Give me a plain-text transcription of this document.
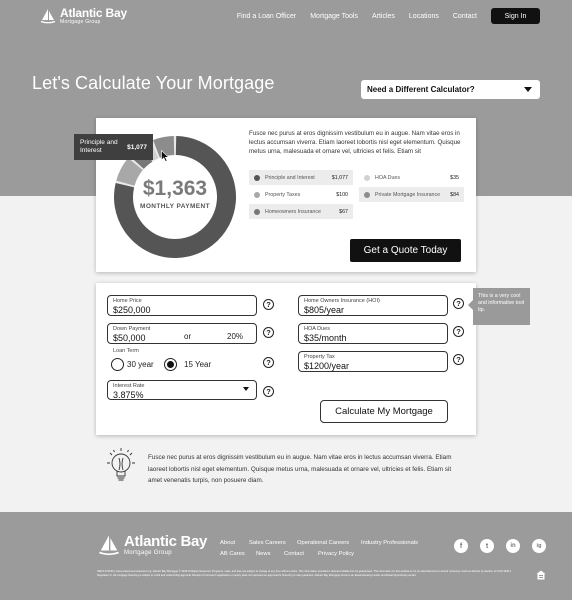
Atlantic Bay
Mortgage Group
Find a Loan Officer Mortgage Tools Articles Locations Contact	Sign In
Let's Calculate Your Mortgage	Need a Different Calculator?
$1,363
MONTHLY PAYMENT
Principle and Interest	$1,077

Fusce nec purus at eros dignissim vestibulum eu in augue. Nam vitae eros in lectus accumsan viverra. Etiam laoreet lobortis nisl eget elementum. Quisque metus urna, malesuada et ornare vel, ultricies et felis. Etiam sit

Principle and Interest	$1,077
Property Taxes	$100
Homeowners Insurance	$67
HOA Dues	$35
Private Mortgage Insurance	$84
Get a Quote Today
Home Price
$250,000
?
Down Payment
$50,000	or	20%	?
Loan Term
30 year	15 Year	?
Interest Rate
3.875%	?
Home Owners Insurance (HOI)
$805/year
?
This is a very cool and informative tool tip.
HOA Dues
$35/month
?
Property Tax
$1200/year
?
Calculate My Mortgage

Fusce nec purus at eros dignissim vestibulum eu in augue. Nam vitae eros in lectus accumsan viverra. Etiam laoreet lobortis nisl eget elementum. Quisque metus urna, malesuada et ornare vel, ultricies et felis. Etiam sit amet venenatis turpis, non posuere diam.

Atlantic Bay
Mortgage Group
About Sales Careers Operational Careers Industry Professionals
AB Cares News Contact Privacy Policy
f	t	in	ig

NMLS #72043 | www.nmlsconsumeraccess.org. Atlantic Bay Mortgage © 2018 All Rights Reserved. Programs, rates, and fees are subject to change at any time without notice. This information provided is deemed reliable but not guaranteed. The information on this website is not an advertisement to extend consumer credit as defined by Section 12 CFR 1026.2 Regulation Z. All mortgage financing is subject to credit and underwriting approval. Receipt of borrower's application or inquiry does not represent an approval for financing or rate guarantee. Atlantic Bay Mortgage Group is an Equal Housing Lender and Equal Opportunity Lender.
